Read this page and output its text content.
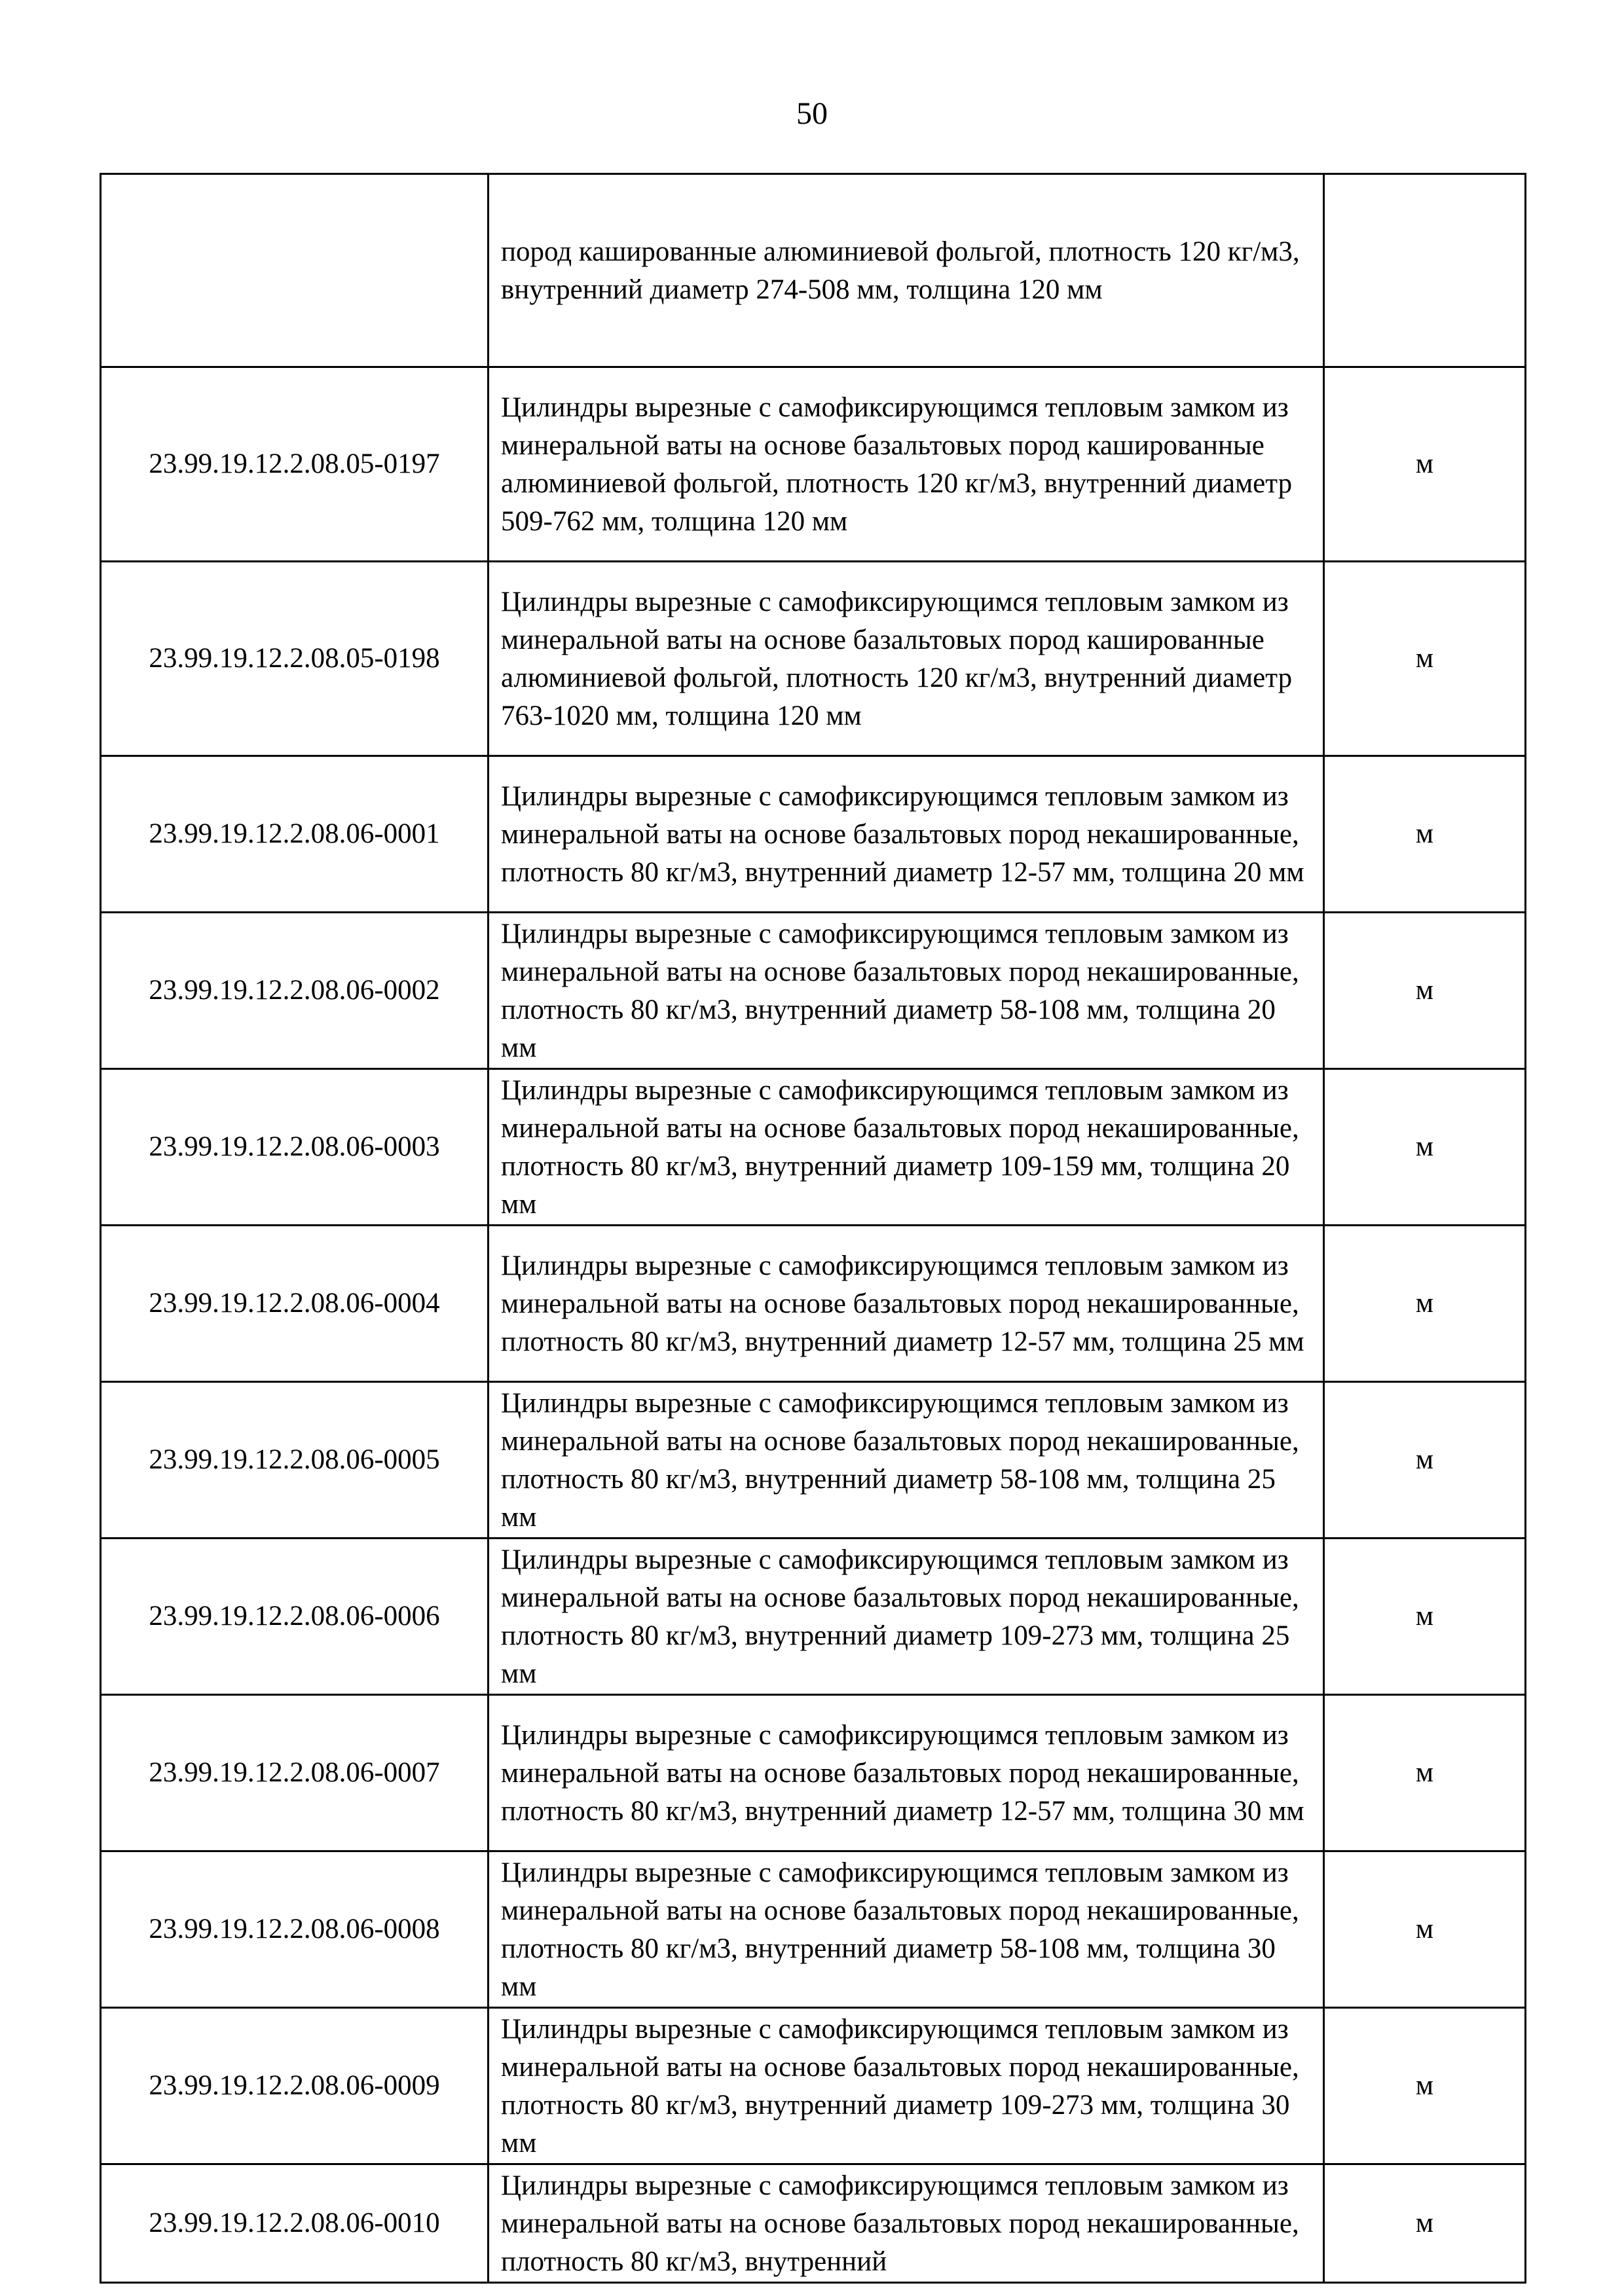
50
	пород кашированные алюминиевой фольгой, плотность 120 кг/м3, внутренний диаметр 274-508 мм, толщина 120 мм	
23.99.19.12.2.08.05-0197	Цилиндры вырезные с самофиксирующимся тепловым замком из минеральной ваты на основе базальтовых пород кашированные алюминиевой фольгой, плотность 120 кг/м3, внутренний диаметр 509-762 мм, толщина 120 мм	м
23.99.19.12.2.08.05-0198	Цилиндры вырезные с самофиксирующимся тепловым замком из минеральной ваты на основе базальтовых пород кашированные алюминиевой фольгой, плотность 120 кг/м3, внутренний диаметр 763-1020 мм, толщина 120 мм	м
23.99.19.12.2.08.06-0001	Цилиндры вырезные с самофиксирующимся тепловым замком из минеральной ваты на основе базальтовых пород некашированные, плотность 80 кг/м3, внутренний диаметр 12-57 мм, толщина 20 мм	м
23.99.19.12.2.08.06-0002	Цилиндры вырезные с самофиксирующимся тепловым замком из минеральной ваты на основе базальтовых пород некашированные, плотность 80 кг/м3, внутренний диаметр 58-108 мм, толщина 20 мм	м
23.99.19.12.2.08.06-0003	Цилиндры вырезные с самофиксирующимся тепловым замком из минеральной ваты на основе базальтовых пород некашированные, плотность 80 кг/м3, внутренний диаметр 109-159 мм, толщина 20 мм	м
23.99.19.12.2.08.06-0004	Цилиндры вырезные с самофиксирующимся тепловым замком из минеральной ваты на основе базальтовых пород некашированные, плотность 80 кг/м3, внутренний диаметр 12-57 мм, толщина 25 мм	м
23.99.19.12.2.08.06-0005	Цилиндры вырезные с самофиксирующимся тепловым замком из минеральной ваты на основе базальтовых пород некашированные, плотность 80 кг/м3, внутренний диаметр 58-108 мм, толщина 25 мм	м
23.99.19.12.2.08.06-0006	Цилиндры вырезные с самофиксирующимся тепловым замком из минеральной ваты на основе базальтовых пород некашированные, плотность 80 кг/м3, внутренний диаметр 109-273 мм, толщина 25 мм	м
23.99.19.12.2.08.06-0007	Цилиндры вырезные с самофиксирующимся тепловым замком из минеральной ваты на основе базальтовых пород некашированные, плотность 80 кг/м3, внутренний диаметр 12-57 мм, толщина 30 мм	м
23.99.19.12.2.08.06-0008	Цилиндры вырезные с самофиксирующимся тепловым замком из минеральной ваты на основе базальтовых пород некашированные, плотность 80 кг/м3, внутренний диаметр 58-108 мм, толщина 30 мм	м
23.99.19.12.2.08.06-0009	Цилиндры вырезные с самофиксирующимся тепловым замком из минеральной ваты на основе базальтовых пород некашированные, плотность 80 кг/м3, внутренний диаметр 109-273 мм, толщина 30 мм	м
23.99.19.12.2.08.06-0010	Цилиндры вырезные с самофиксирующимся тепловым замком из минеральной ваты на основе базальтовых пород некашированные, плотность 80 кг/м3, внутренний	м
